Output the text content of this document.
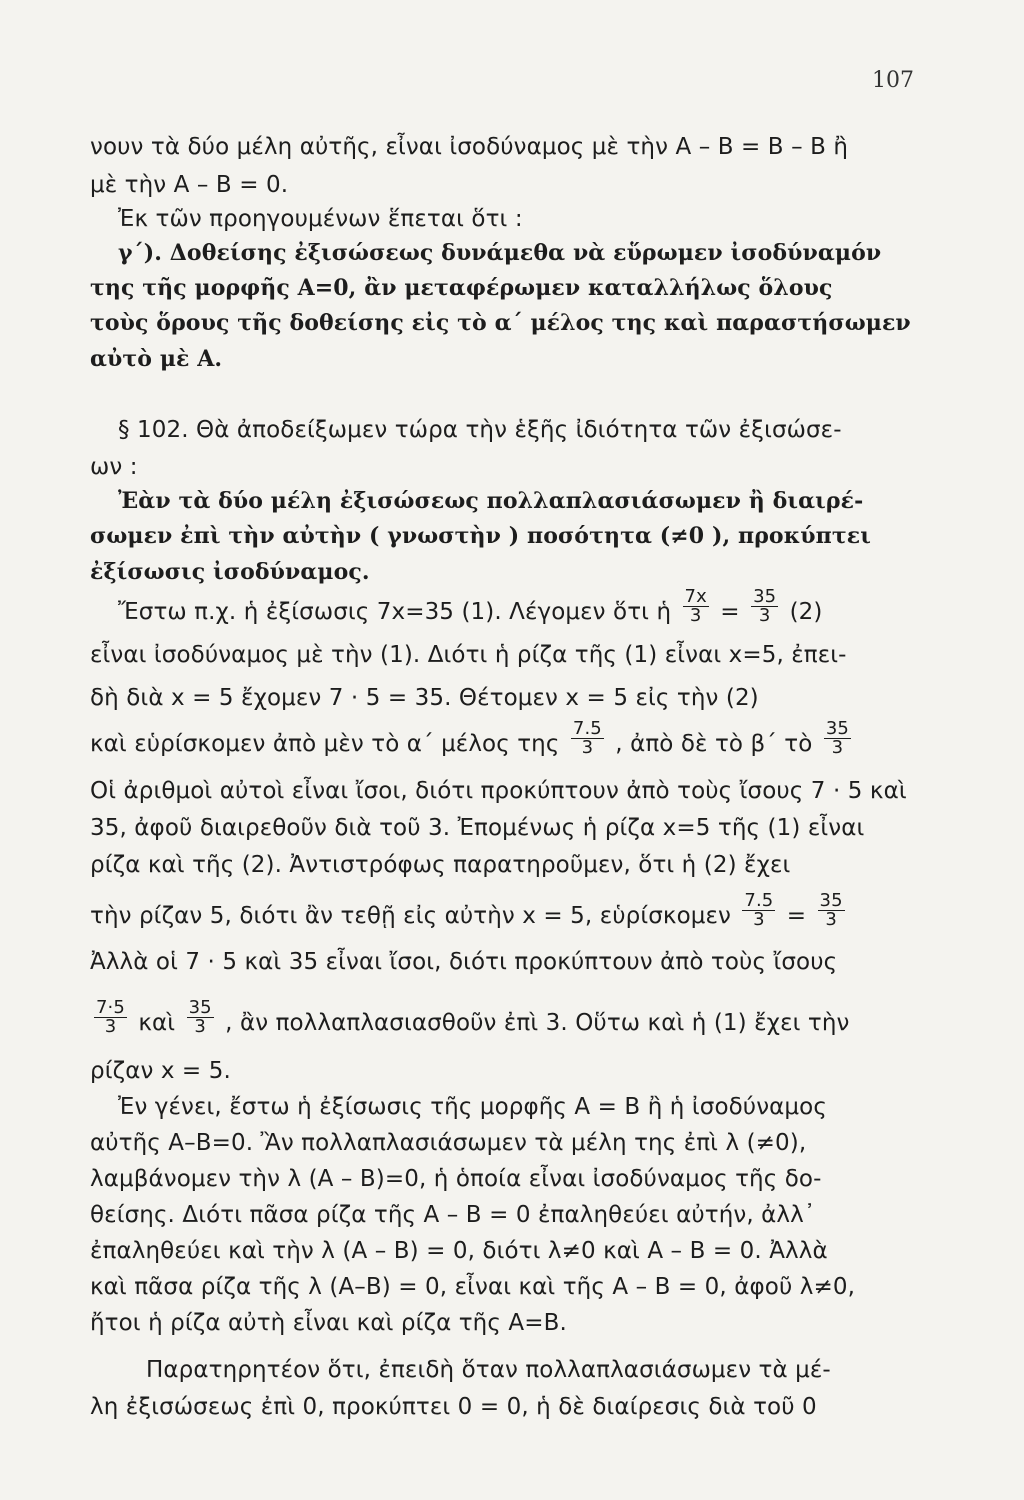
107
νουν τὰ δύο μέλη αὐτῆς, εἶναι ἰσοδύναμος μὲ τὴν A – B = B – B ἢ
μὲ τὴν A – B = 0.
Ἐκ τῶν προηγουμένων ἕπεται ὅτι :
γ΄). Δοθείσης ἐξισώσεως δυνάμεθα νὰ εὕρωμεν ἰσοδύναμόν
της τῆς μορφῆς A=0, ἂν μεταφέρωμεν καταλλήλως ὅλους
τοὺς ὅρους τῆς δοθείσης εἰς τὸ α΄ μέλος της καὶ παραστήσωμεν
αὐτὸ μὲ A.
§ 102. Θὰ ἀποδείξωμεν τώρα τὴν ἑξῆς ἰδιότητα τῶν ἐξισώσε-
ων :
Ἐὰν τὰ δύο μέλη ἐξισώσεως πολλαπλασιάσωμεν ἢ διαιρέ-
σωμεν ἐπὶ τὴν αὐτὴν ( γνωστὴν ) ποσότητα (≠0 ), προκύπτει
ἐξίσωσις ἰσοδύναμος.
Ἔστω π.χ. ἡ ἐξίσωσις 7x=35 (1). Λέγομεν ὅτι ἡ $\frac{7x}{3} = \frac{35}{3} (2)$
εἶναι ἰσοδύναμος μὲ τὴν (1). Διότι ἡ ρίζα τῆς (1) εἶναι x=5, ἐπει-
δὴ διὰ x = 5 ἔχομεν 7 · 5 = 35. Θέτομεν x = 5 εἰς τὴν (2)
καὶ εὑρίσκομεν ἀπὸ μὲν τὸ α΄ μέλος της $\frac{7.5}{3}$ , ἀπὸ δὲ τὸ β΄ τὸ $\frac{35}{3}$
Οἱ ἀριθμοὶ αὐτοὶ εἶναι ἴσοι, διότι προκύπτουν ἀπὸ τοὺς ἴσους 7 · 5 καὶ
35, ἀφοῦ διαιρεθοῦν διὰ τοῦ 3. Ἐπομένως ἡ ρίζα x=5 τῆς (1) εἶναι
ρίζα καὶ τῆς (2). Ἀντιστρόφως παρατηροῦμεν, ὅτι ἡ (2) ἔχει
τὴν ρίζαν 5, διότι ἂν τεθῇ εἰς αὐτὴν x = 5, εὑρίσκομεν $\frac{7.5}{3} = \frac{35}{3}$
Ἀλλὰ οἱ 7 · 5 καὶ 35 εἶναι ἴσοι, διότι προκύπτουν ἀπὸ τοὺς ἴσους
$\frac{7\cdot 5}{3}$ καὶ $\frac{35}{3}$ , ἂν πολλαπλασιασθοῦν ἐπὶ 3. Οὕτω καὶ ἡ (1) ἔχει τὴν
ρίζαν x = 5.
Ἐν γένει, ἔστω ἡ ἐξίσωσις τῆς μορφῆς A = B ἢ ἡ ἰσοδύναμος
αὐτῆς A–B=0. Ἂν πολλαπλασιάσωμεν τὰ μέλη της ἐπὶ λ (≠0),
λαμβάνομεν τὴν λ (A – B)=0, ἡ ὁποία εἶναι ἰσοδύναμος τῆς δο-
θείσης. Διότι πᾶσα ρίζα τῆς A – B = 0 ἐπαληθεύει αὐτήν, ἀλλ᾽
ἐπαληθεύει καὶ τὴν λ (A – B) = 0, διότι λ≠0 καὶ A – B = 0. Ἀλλὰ
καὶ πᾶσα ρίζα τῆς λ (A–B) = 0, εἶναι καὶ τῆς A – B = 0, ἀφοῦ λ≠0,
ἤτοι ἡ ρίζα αὐτὴ εἶναι καὶ ρίζα τῆς A=B.
Παρατηρητέον ὅτι, ἐπειδὴ ὅταν πολλαπλασιάσωμεν τὰ μέ-
λη ἐξισώσεως ἐπὶ 0, προκύπτει 0 = 0, ἡ δὲ διαίρεσις διὰ τοῦ 0
